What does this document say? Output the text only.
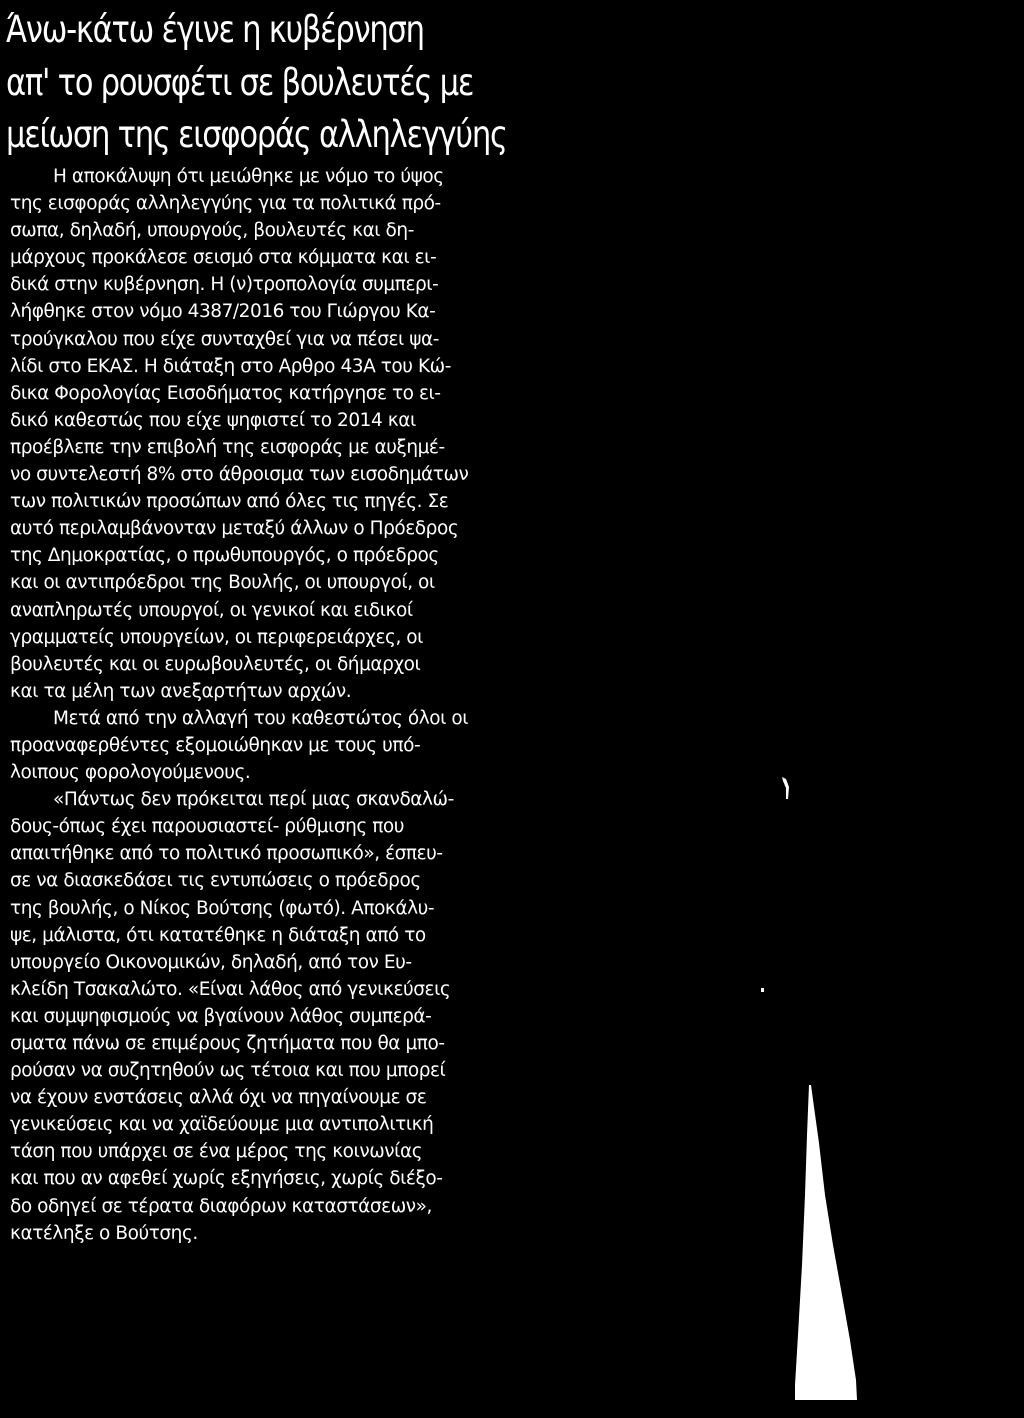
Άνω-κάτω έγινε η κυβέρνηση
απ' το ρουσφέτι σε βουλευτές με
μείωση της εισφοράς αλληλεγγύης
Η αποκάλυψη ότι μειώθηκε με νόμο το ύψος
της εισφοράς αλληλεγγύης για τα πολιτικά πρό-
σωπα, δηλαδή, υπουργούς, βουλευτές και δη-
μάρχους προκάλεσε σεισμό στα κόμματα και ει-
δικά στην κυβέρνηση. Η (ν)τροπολογία συμπερι-
λήφθηκε στον νόμο 4387/2016 του Γιώργου Κα-
τρούγκαλου που είχε συνταχθεί για να πέσει ψα-
λίδι στο ΕΚΑΣ. Η διάταξη στο Αρθρο 43Α του Κώ-
δικα Φορολογίας Εισοδήματος κατήργησε το ει-
δικό καθεστώς που είχε ψηφιστεί το 2014 και
προέβλεπε την επιβολή της εισφοράς με αυξημέ-
νο συντελεστή 8% στο άθροισμα των εισοδημάτων
των πολιτικών προσώπων από όλες τις πηγές. Σε
αυτό περιλαμβάνονταν μεταξύ άλλων ο Πρόεδρος
της Δημοκρατίας, ο πρωθυπουργός, ο πρόεδρος
και οι αντιπρόεδροι της Βουλής, οι υπουργοί, οι
αναπληρωτές υπουργοί, οι γενικοί και ειδικοί
γραμματείς υπουργείων, οι περιφερειάρχες, οι
βουλευτές και οι ευρωβουλευτές, οι δήμαρχοι
και τα μέλη των ανεξαρτήτων αρχών.
Μετά από την αλλαγή του καθεστώτος όλοι οι
προαναφερθέντες εξομοιώθηκαν με τους υπό-
λοιπους φορολογούμενους.
«Πάντως δεν πρόκειται περί μιας σκανδαλώ-
δους-όπως έχει παρουσιαστεί- ρύθμισης που
απαιτήθηκε από το πολιτικό προσωπικό», έσπευ-
σε να διασκεδάσει τις εντυπώσεις ο πρόεδρος
της βουλής, ο Νίκος Βούτσης (φωτό). Αποκάλυ-
ψε, μάλιστα, ότι κατατέθηκε η διάταξη από το
υπουργείο Οικονομικών, δηλαδή, από τον Ευ-
κλείδη Τσακαλώτο. «Είναι λάθος από γενικεύσεις
και συμψηφισμούς να βγαίνουν λάθος συμπερά-
σματα πάνω σε επιμέρους ζητήματα που θα μπο-
ρούσαν να συζητηθούν ως τέτοια και που μπορεί
να έχουν ενστάσεις αλλά όχι να πηγαίνουμε σε
γενικεύσεις και να χαϊδεύουμε μια αντιπολιτική
τάση που υπάρχει σε ένα μέρος της κοινωνίας
και που αν αφεθεί χωρίς εξηγήσεις, χωρίς διέξο-
δο οδηγεί σε τέρατα διαφόρων καταστάσεων»,
κατέληξε ο Βούτσης.
